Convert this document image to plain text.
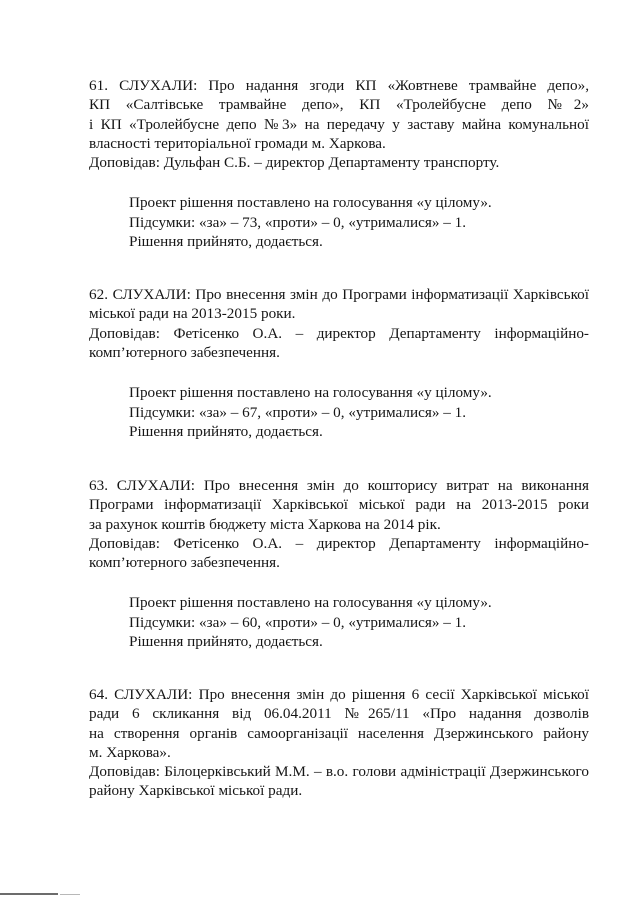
61. СЛУХАЛИ: Про надання згоди КП «Жовтневе трамвайне депо»,
КП «Салтівське трамвайне депо», КП «Тролейбусне депо №2»
і КП «Тролейбусне депо №3» на передачу у заставу майна комунальної
власності територіальної громади м. Харкова.
Доповідав: Дульфан С.Б. – директор Департаменту транспорту.

Проект рішення поставлено на голосування «у цілому».
Підсумки: «за» – 73, «проти» – 0, «утрималися» – 1.
Рішення прийнято, додається.

62. СЛУХАЛИ: Про внесення змін до Програми інформатизації Харківської
міської ради на 2013-2015 роки.
Доповідав: Фетісенко О.А. – директор Департаменту інформаційно-
комп’ютерного забезпечення.

Проект рішення поставлено на голосування «у цілому».
Підсумки: «за» – 67, «проти» – 0, «утрималися» – 1.
Рішення прийнято, додається.

63. СЛУХАЛИ: Про внесення змін до кошторису витрат на виконання
Програми інформатизації Харківської міської ради на 2013-2015 роки
за рахунок коштів бюджету міста Харкова на 2014 рік.
Доповідав: Фетісенко О.А. – директор Департаменту інформаційно-
комп’ютерного забезпечення.

Проект рішення поставлено на голосування «у цілому».
Підсумки: «за» – 60, «проти» – 0, «утрималися» – 1.
Рішення прийнято, додається.

64. СЛУХАЛИ: Про внесення змін до рішення 6 сесії Харківської міської
ради 6 скликання від 06.04.2011 №265/11 «Про надання дозволів
на створення органів самоорганізації населення Дзержинського району
м. Харкова».
Доповідав: Білоцерківський М.М. – в.о. голови адміністрації Дзержинського
району Харківської міської ради.
